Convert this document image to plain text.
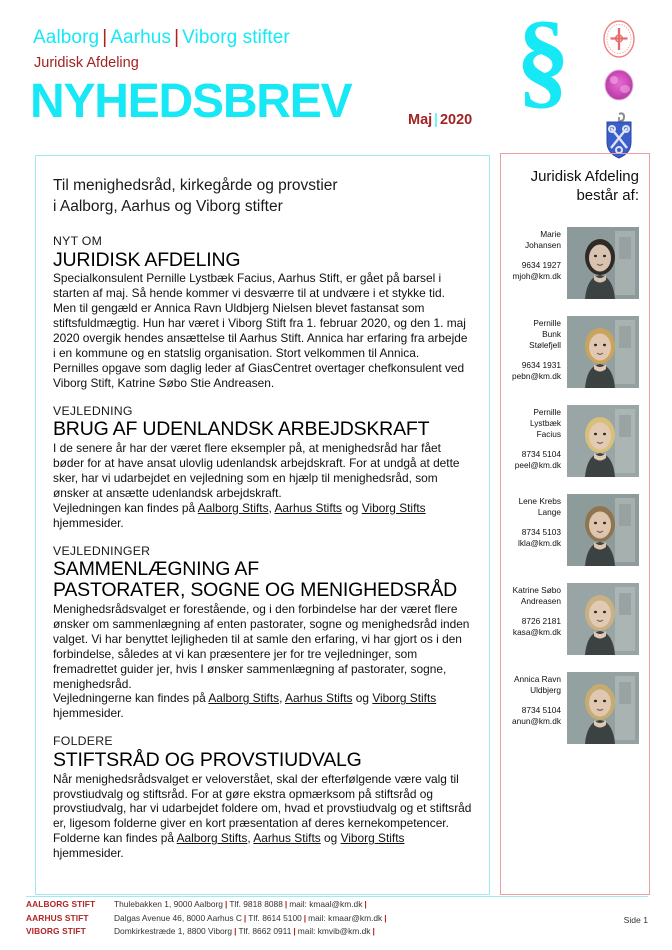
Aalborg | Aarhus | Viborg stifter
Juridisk Afdeling
NYHEDSBREV	Maj | 2020
§
Til menighedsråd, kirkegårde og provstier
i Aalborg, Aarhus og Viborg stifter
NYT OM
JURIDISK AFDELING

Specialkonsulent Pernille Lystbæk Facius, Aarhus Stift, er gået på barsel i starten af maj. Så hende kommer vi desværre til at undvære i et stykke tid.

Men til gengæld er Annica Ravn Uldbjerg Nielsen blevet fastansat som stiftsfuldmægtig. Hun har været i Viborg Stift fra 1. februar 2020, og den 1. maj 2020 overgik hendes ansættelse til Aarhus Stift. Annica har erfaring fra arbejde i en kommune og en statslig organisation. Stort velkommen til Annica.

Pernilles opgave som daglig leder af GiasCentret overtager chefkonsulent ved Viborg Stift, Katrine Søbo Stie Andreasen.

VEJLEDNING
BRUG AF UDENLANDSK ARBEJDSKRAFT

I de senere år har der været flere eksempler på, at menighedsråd har fået bøder for at have ansat ulovlig udenlandsk arbejdskraft. For at undgå at dette sker, har vi udarbejdet en vejledning som en hjælp til menighedsråd, som ønsker at ansætte udenlandsk arbejdskraft.

Vejledningen kan findes på Aalborg Stifts, Aarhus Stifts og Viborg Stifts hjemmesider.

VEJLEDNINGER
SAMMENLÆGNING AF
PASTORATER, SOGNE OG MENIGHEDSRÅD

Menighedsrådsvalget er forestående, og i den forbindelse har der været flere ønsker om sammenlægning af enten pastorater, sogne og menighedsråd inden valget. Vi har benyttet lejligheden til at samle den erfaring, vi har gjort os i den forbindelse, således at vi kan præsentere jer for tre vejledninger, som fremadrettet guider jer, hvis I ønsker sammenlægning af pastorater, sogne, menighedsråd.

Vejledningerne kan findes på Aalborg Stifts, Aarhus Stifts og Viborg Stifts hjemmesider.

FOLDERE
STIFTSRÅD OG PROVSTIUDVALG

Når menighedsrådsvalget er veloverstået, skal der efterfølgende være valg til provstiudvalg og stiftsråd. For at gøre ekstra opmærksom på stiftsråd og provstiudvalg, har vi udarbejdet foldere om, hvad et provstiudvalg og et stiftsråd er, ligesom folderne giver en kort præsentation af deres kernekompetencer.

Folderne kan findes på Aalborg Stifts, Aarhus Stifts og Viborg Stifts hjemmesider.

Juridisk Afdeling består af:
Marie
Johansen
9634 1927
mjoh@km.dk
Pernille
Bunk
Stølefjell
9634 1931
pebn@km.dk
Pernille
Lystbæk
Facius
8734 5104
peel@km.dk
Lene Krebs
Lange
8734 5103
lkla@km.dk
Katrine Søbo
Andreasen
8726 2181
kasa@km.dk
Annica Ravn
Uldbjerg
8734 5104
anun@km.dk
AALBORG STIFT	Thulebakken 1, 9000 Aalborg | Tlf. 9818 8088 | mail: kmaal@km.dk |
AARHUS STIFT	Dalgas Avenue 46, 8000 Aarhus C | Tlf. 8614 5100 | mail: kmaar@km.dk |
VIBORG STIFT	Domkirkestræde 1, 8800 Viborg | Tlf. 8662 0911 | mail: kmvib@km.dk |
Side 1
